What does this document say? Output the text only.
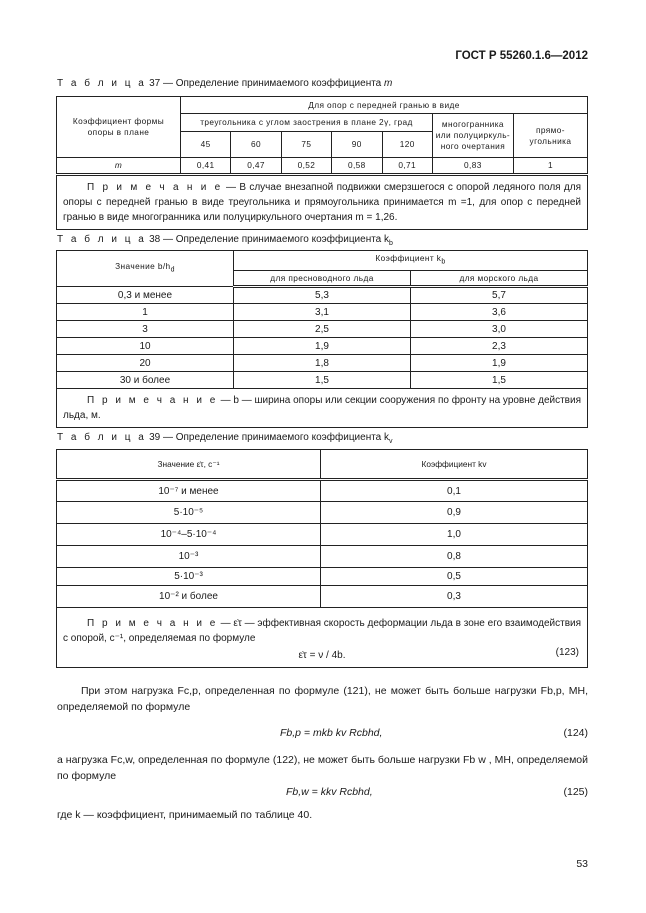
ГОСТ Р 55260.1.6—2012
Т а б л и ц а 37 — Определение принимаемого коэффициента m
Коэффициент формы опоры в плане	Для опор с передней гранью в виде						
	треугольника с углом заострения в плане 2γ, град					многогранника или полуциркуль-ного очертания	прямо-угольника
	45	60	75	90	120		
m	0,41	0,47	0,52	0,58	0,71	0,83	1
П р и м е ч а н и е — В случае внезапной подвижки смерзшегося с опорой ледяного поля для опоры с передней гранью в виде треугольника и прямоугольника принимается m =1, для опор с передней гранью в виде многогранника или полуциркульного очертания m = 1,26.							
Т а б л и ц а 38 — Определение принимаемого коэффициента $k_b$
Значение $b/h_d$	Коэффициент $k_b$
	для пресноводного льда	для морского льда
0,3 и менее	5,3	5,7
1	3,1	3,6
3	2,5	3,0
10	1,9	2,3
20	1,8	1,9
30 и более	1,5	1,5
П р и м е ч а н и е — b — ширина опоры или секции сооружения по фронту на уровне действия льда, м.		
Т а б л и ц а 39 — Определение принимаемого коэффициента $k_v$
Значение ε̇τ, c⁻¹	Коэффициент kv
10⁻⁷ и менее	0,1
5·10⁻⁵	0,9
10⁻⁴–5·10⁻⁴	1,0
10⁻³	0,8
5·10⁻³	0,5
10⁻² и более	0,3
П р и м е ч а н и е — ε̇τ — эффективная скорость деформации льда в зоне его взаимодействия с опорой, c⁻¹, определяемая по формуле
ε̇τ = ν / 4b. (123)	
При этом нагрузка Fc,p, определенная по формуле (121), не может быть больше нагрузки Fb,p, МН, определяемой по формуле
Fb,p = mkb kv Rcbhd,	(124)
а нагрузка Fc,w, определенная по формуле (122), не может быть больше нагрузки Fb w , МН, определяемой по формуле
Fb,w = kkv Rcbhd,	(125)
где k — коэффициент, принимаемый по таблице 40.
53
